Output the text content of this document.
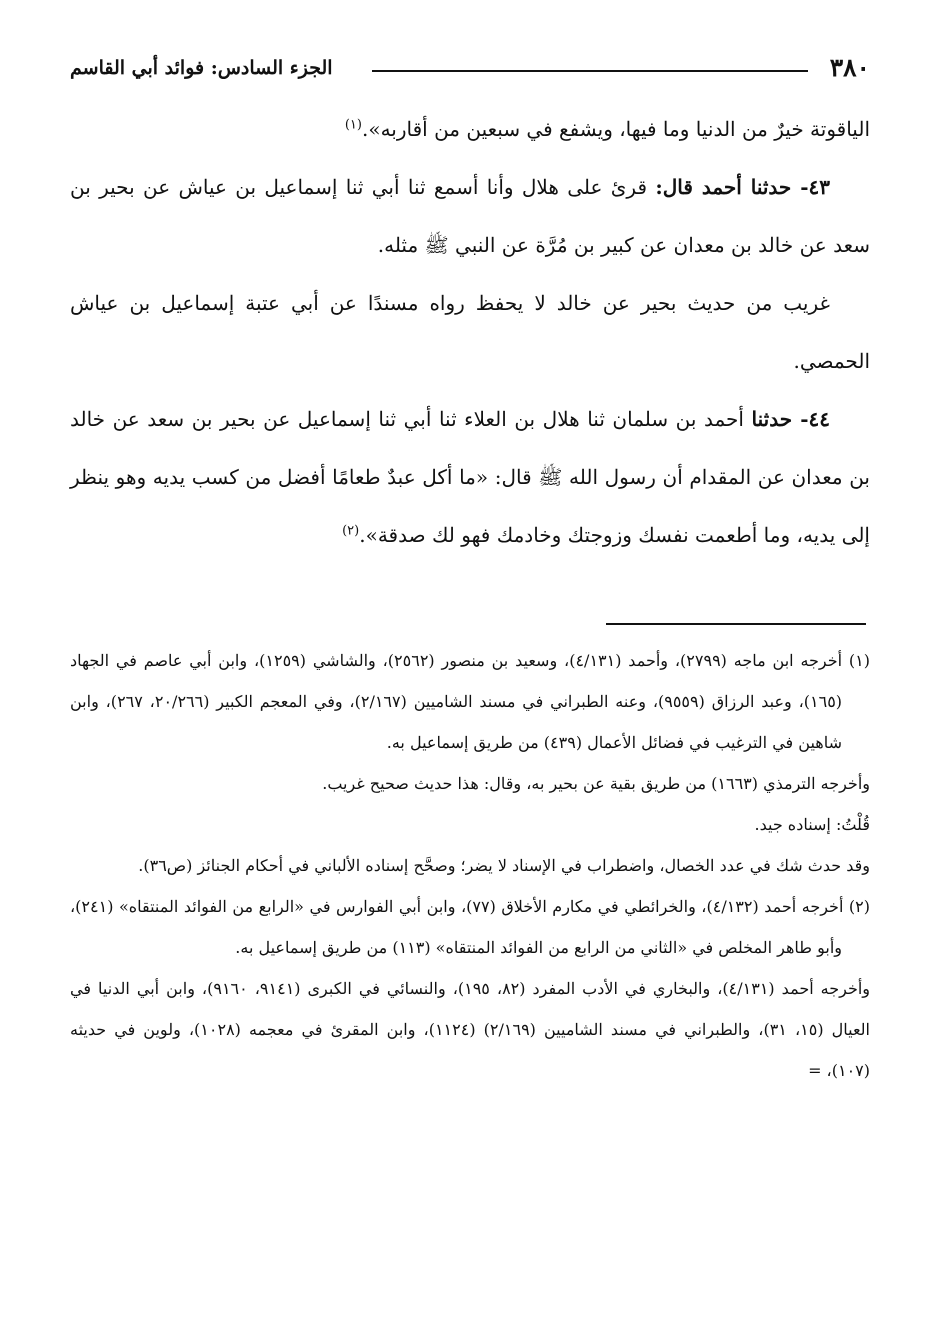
٣٨٠
الجزء السادس: فوائد أبي القاسم

الياقوتة خيرٌ من الدنيا وما فيها، ويشفع في سبعين من أقاربه».$^{(١)}$

٤٣- حدثنا أحمد قال: قرئ على هلال وأنا أسمع ثنا أبي ثنا إسماعيل بن عياش عن بحير بن سعد عن خالد بن معدان عن كبير بن مُرَّة عن النبي ﷺ مثله.

غريب من حديث بحير عن خالد لا يحفظ رواه مسندًا عن أبي عتبة إسماعيل بن عياش الحمصي.

٤٤- حدثنا أحمد بن سلمان ثنا هلال بن العلاء ثنا أبي ثنا إسماعيل عن بحير بن سعد عن خالد بن معدان عن المقدام أن رسول الله ﷺ قال: «ما أكل عبدٌ طعامًا أفضل من كسب يديه وهو ينظر إلى يديه، وما أطعمت نفسك وزوجتك وخادمك فهو لك صدقة».$^{(٢)}$

(١) أخرجه ابن ماجه (٢٧٩٩)، وأحمد (٤/١٣١)، وسعيد بن منصور (٢٥٦٢)، والشاشي (١٢٥٩)، وابن أبي عاصم في الجهاد (١٦٥)، وعبد الرزاق (٩٥٥٩)، وعنه الطبراني في مسند الشاميين (٢/١٦٧)، وفي المعجم الكبير (٢٠/٢٦٦، ٢٦٧)، وابن شاهين في الترغيب في فضائل الأعمال (٤٣٩) من طريق إسماعيل به.

وأخرجه الترمذي (١٦٦٣) من طريق بقية عن بحير به، وقال: هذا حديث صحيح غريب.

قُلْتُ: إسناده جيد.

وقد حدث شك في عدد الخصال، واضطراب في الإسناد لا يضر؛ وصحَّح إسناده الألباني في أحكام الجنائز (ص٣٦).

(٢) أخرجه أحمد (٤/١٣٢)، والخرائطي في مكارم الأخلاق (٧٧)، وابن أبي الفوارس في «الرابع من الفوائد المنتقاه» (٢٤١)، وأبو طاهر المخلص في «الثاني من الرابع من الفوائد المنتقاه» (١١٣) من طريق إسماعيل به.

وأخرجه أحمد (٤/١٣١)، والبخاري في الأدب المفرد (٨٢، ١٩٥)، والنسائي في الكبرى (٩١٤١، ٩١٦٠)، وابن أبي الدنيا في العيال (١٥، ٣١)، والطبراني في مسند الشاميين (٢/١٦٩) (١١٢٤)، وابن المقرئ في معجمه (١٠٢٨)، ولوين في حديثه (١٠٧)، =
